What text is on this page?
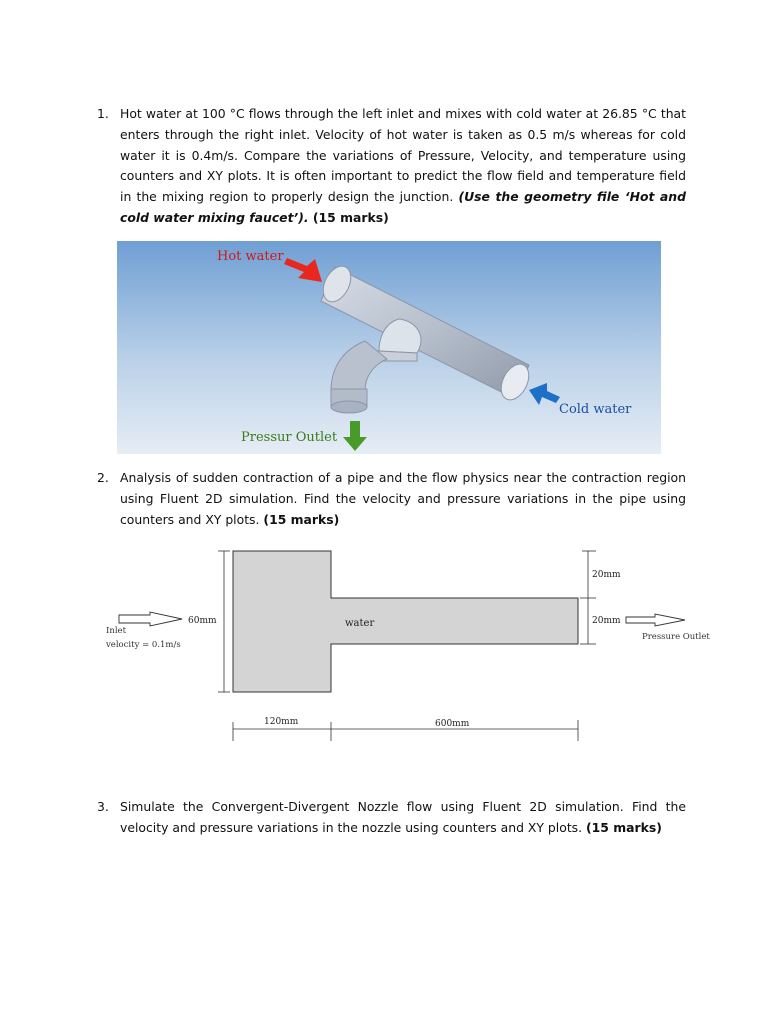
1. Hot water at 100 °C flows through the left inlet and mixes with cold water at 26.85 °C that enters through the right inlet. Velocity of hot water is taken as 0.5 m/s whereas for cold water it is 0.4m/s. Compare the variations of Pressure, Velocity, and temperature using counters and XY plots. It is often important to predict the flow field and temperature field in the mixing region to properly design the junction. (Use the geometry file ‘Hot and cold water mixing faucet’). (15 marks)
Hot water
Cold water
Pressur Outlet
2. Analysis of sudden contraction of a pipe and the flow physics near the contraction region using Fluent 2D simulation. Find the velocity and pressure variations in the pipe using counters and XY plots. (15 marks)
water
60mm
Inlet
velocity = 0.1m/s
20mm
20mm
Pressure Outlet
120mm	600mm
3. Simulate the Convergent-Divergent Nozzle flow using Fluent 2D simulation. Find the velocity and pressure variations in the nozzle using counters and XY plots. (15 marks)
